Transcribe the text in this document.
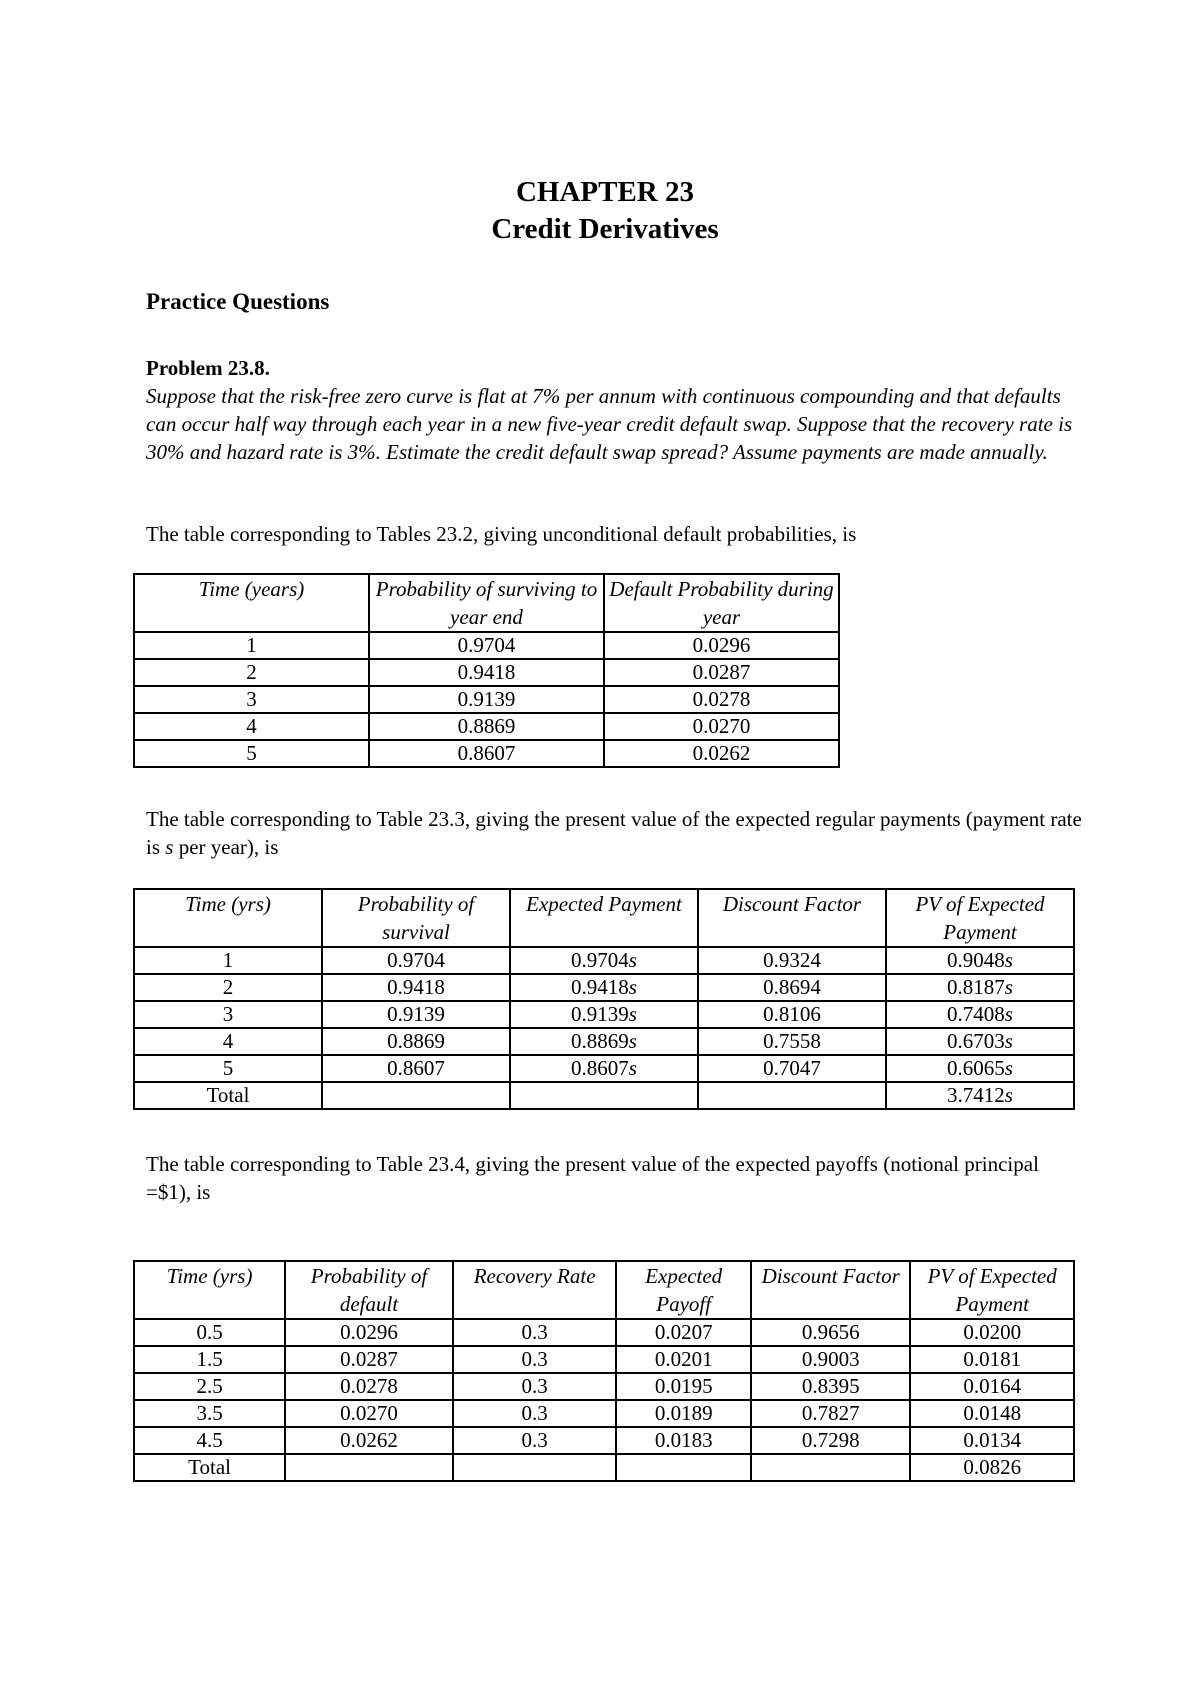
CHAPTER 23
Credit Derivatives
Practice Questions
Problem 23.8.
Suppose that the risk-free zero curve is flat at 7% per annum with continuous compounding and that defaults can occur half way through each year in a new five-year credit default swap. Suppose that the recovery rate is 30% and hazard rate is 3%. Estimate the credit default swap spread? Assume payments are made annually.
The table corresponding to Tables 23.2, giving unconditional default probabilities, is
Time (years)	Probability of surviving to year end	Default Probability during year
1	0.9704	0.0296
2	0.9418	0.0287
3	0.9139	0.0278
4	0.8869	0.0270
5	0.8607	0.0262
The table corresponding to Table 23.3, giving the present value of the expected regular payments (payment rate is s per year), is
Time (yrs)	Probability of survival	Expected Payment	Discount Factor	PV of Expected Payment
1	0.9704	0.9704s	0.9324	0.9048s
2	0.9418	0.9418s	0.8694	0.8187s
3	0.9139	0.9139s	0.8106	0.7408s
4	0.8869	0.8869s	0.7558	0.6703s
5	0.8607	0.8607s	0.7047	0.6065s
Total				3.7412s
The table corresponding to Table 23.4, giving the present value of the expected payoffs (notional principal =$1), is
Time (yrs)	Probability of default	Recovery Rate	Expected Payoff	Discount Factor	PV of Expected Payment
0.5	0.0296	0.3	0.0207	0.9656	0.0200
1.5	0.0287	0.3	0.0201	0.9003	0.0181
2.5	0.0278	0.3	0.0195	0.8395	0.0164
3.5	0.0270	0.3	0.0189	0.7827	0.0148
4.5	0.0262	0.3	0.0183	0.7298	0.0134
Total					0.0826
